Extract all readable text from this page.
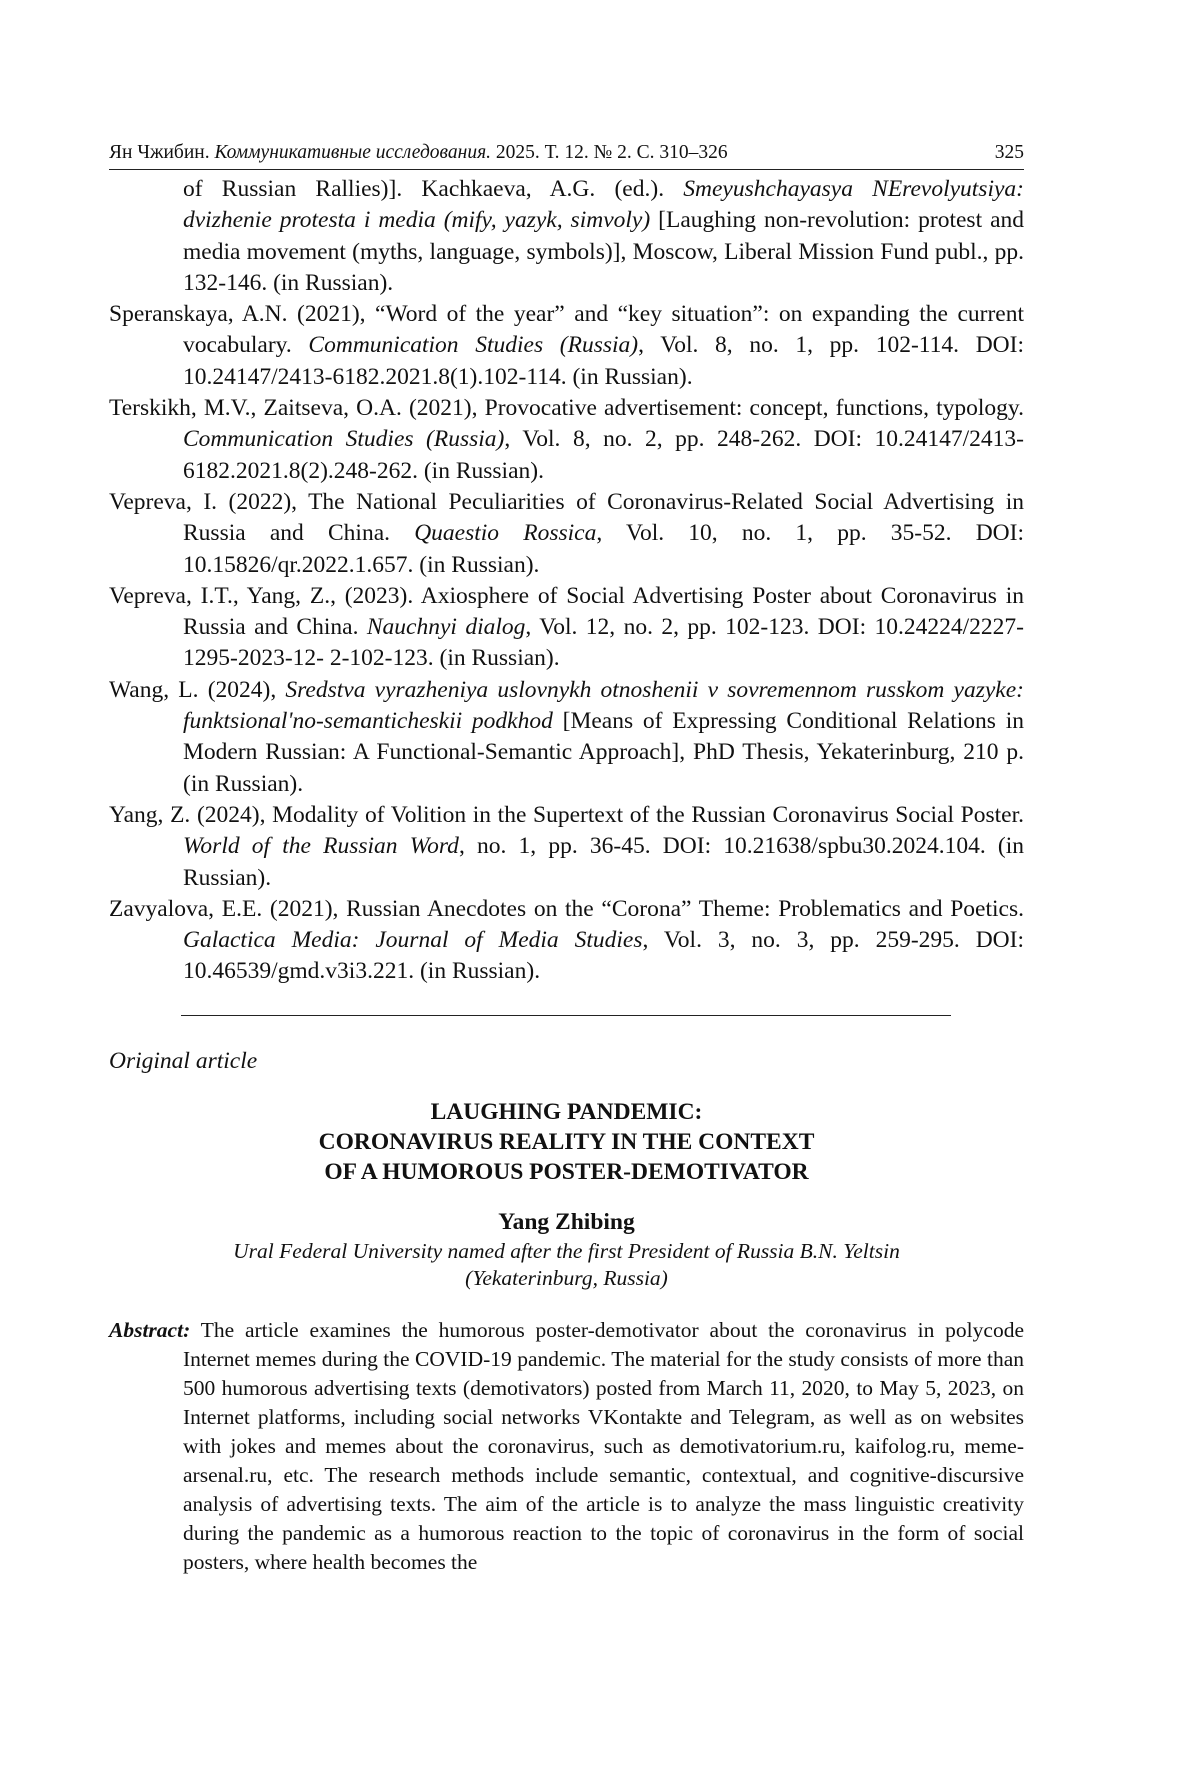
Ян Чжибин. Коммуникативные исследования. 2025. Т. 12. № 2. С. 310–326	325
of Russian Rallies)]. Kachkaeva, A.G. (ed.). Smeyushchayasya NErevolyutsiya: dvizhenie protesta i media (mify, yazyk, simvoly) [Laughing non-revolution: protest and media movement (myths, language, symbols)], Moscow, Liberal Mission Fund publ., pp. 132-146. (in Russian).
Speranskaya, A.N. (2021), “Word of the year” and “key situation”: on expanding the current vocabulary. Communication Studies (Russia), Vol. 8, no. 1, pp. 102-114. DOI: 10.24147/2413-6182.2021.8(1).102-114. (in Russian).
Terskikh, M.V., Zaitseva, O.A. (2021), Provocative advertisement: concept, functions, typology. Communication Studies (Russia), Vol. 8, no. 2, pp. 248-262. DOI: 10.24147/2413-6182.2021.8(2).248-262. (in Russian).
Vepreva, I. (2022), The National Peculiarities of Coronavirus-Related Social Advertising in Russia and China. Quaestio Rossica, Vol. 10, no. 1, pp. 35-52. DOI: 10.15826/qr.2022.1.657. (in Russian).
Vepreva, I.T., Yang, Z., (2023). Axiosphere of Social Advertising Poster about Coronavirus in Russia and China. Nauchnyi dialog, Vol. 12, no. 2, pp. 102-123. DOI: 10.24224/2227-1295-2023-12- 2-102-123. (in Russian).
Wang, L. (2024), Sredstva vyrazheniya uslovnykh otnoshenii v sovremennom russkom yazyke: funktsional'no-semanticheskii podkhod [Means of Expressing Conditional Relations in Modern Russian: A Functional-Semantic Approach], PhD Thesis, Yekaterinburg, 210 p. (in Russian).
Yang, Z. (2024), Modality of Volition in the Supertext of the Russian Coronavirus Social Poster. World of the Russian Word, no. 1, pp. 36-45. DOI: 10.21638/spbu30.2024.104. (in Russian).
Zavyalova, E.E. (2021), Russian Anecdotes on the “Corona” Theme: Problematics and Poetics. Galactica Media: Journal of Media Studies, Vol. 3, no. 3, pp. 259-295. DOI: 10.46539/gmd.v3i3.221. (in Russian).
Original article
LAUGHING PANDEMIC:
CORONAVIRUS REALITY IN THE CONTEXT
OF A HUMOROUS POSTER-DEMOTIVATOR
Yang Zhibing
Ural Federal University named after the first President of Russia B.N. Yeltsin
(Yekaterinburg, Russia)
Abstract: The article examines the humorous poster-demotivator about the coronavirus in polycode Internet memes during the COVID-19 pandemic. The material for the study consists of more than 500 humorous advertising texts (demotivators) posted from March 11, 2020, to May 5, 2023, on Internet platforms, including social networks VKontakte and Telegram, as well as on websites with jokes and memes about the coronavirus, such as demotivatorium.ru, kaifolog.ru, meme-arsenal.ru, etc. The research methods include semantic, contextual, and cognitive-discursive analysis of advertising texts. The aim of the article is to analyze the mass linguistic creativity during the pandemic as a humorous reaction to the topic of coronavirus in the form of social posters, where health becomes the
